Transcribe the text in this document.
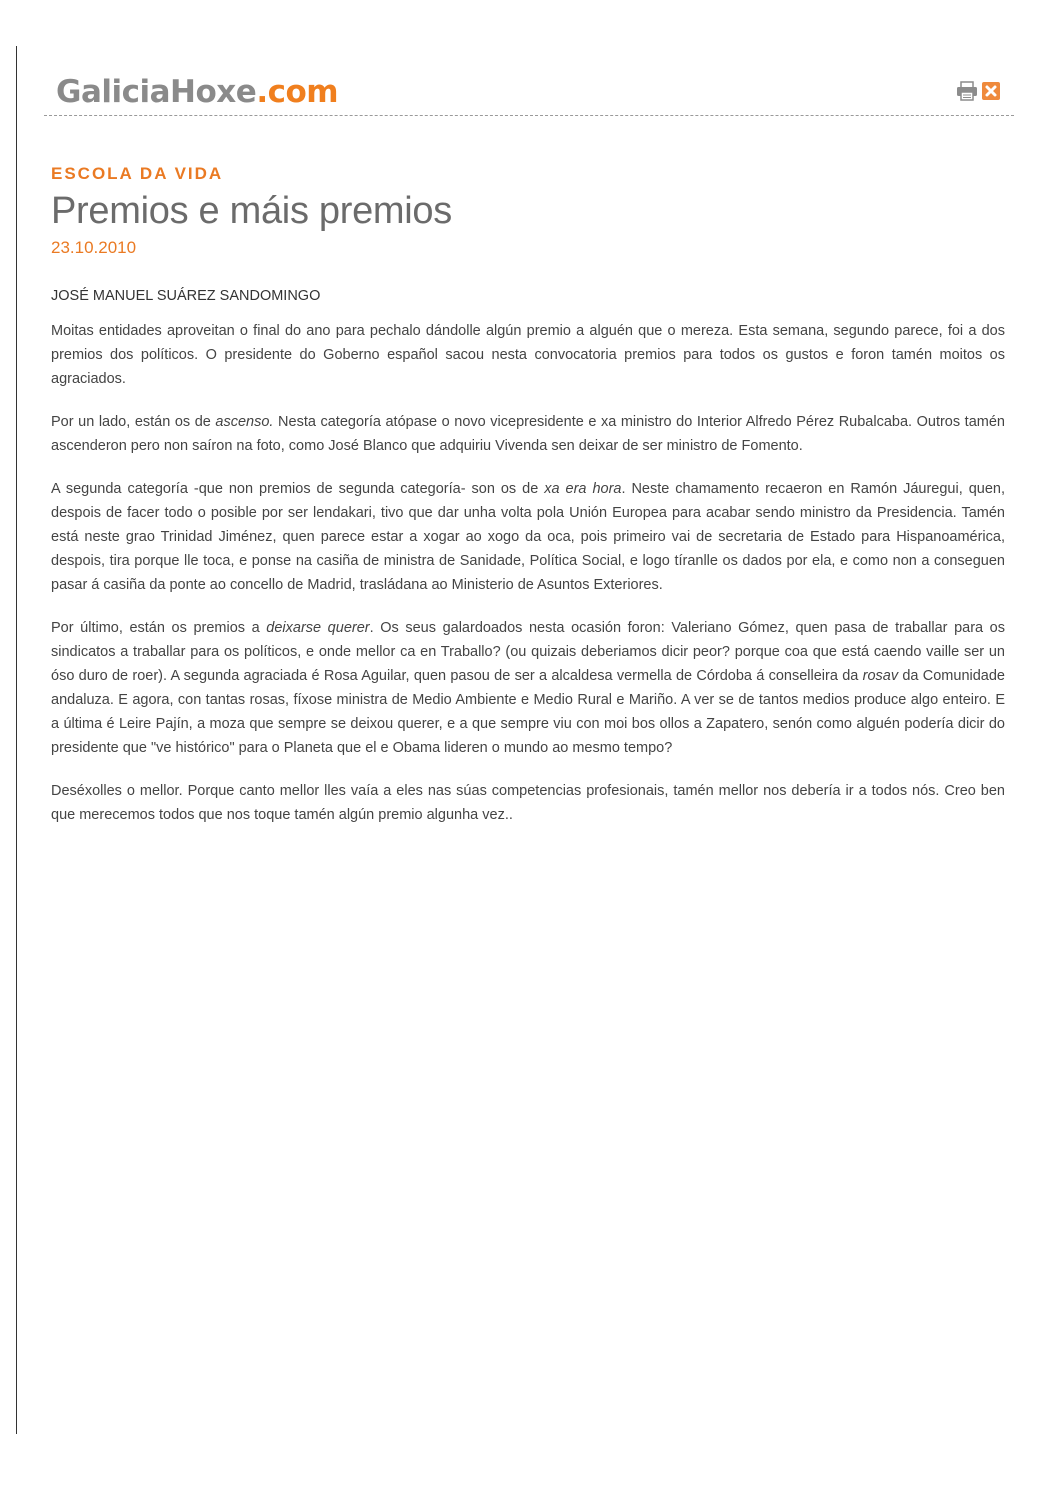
GaliciaHoxe.com
ESCOLA DA VIDA
Premios e máis premios
23.10.2010
JOSÉ MANUEL SUÁREZ SANDOMINGO

Moitas entidades aproveitan o final do ano para pechalo dándolle algún premio a alguén que o mereza. Esta semana, segundo parece, foi a dos premios dos políticos. O presidente do Goberno español sacou nesta convocatoria premios para todos os gustos e foron tamén moitos os agraciados.

Por un lado, están os de ascenso. Nesta categoría atópase o novo vicepresidente e xa ministro do Interior Alfredo Pérez Rubalcaba. Outros tamén ascenderon pero non saíron na foto, como José Blanco que adquiriu Vivenda sen deixar de ser ministro de Fomento.

A segunda categoría -que non premios de segunda categoría- son os de xa era hora. Neste chamamento recaeron en Ramón Jáuregui, quen, despois de facer todo o posible por ser lendakari, tivo que dar unha volta pola Unión Europea para acabar sendo ministro da Presidencia. Tamén está neste grao Trinidad Jiménez, quen parece estar a xogar ao xogo da oca, pois primeiro vai de secretaria de Estado para Hispanoamérica, despois, tira porque lle toca, e ponse na casiña de ministra de Sanidade, Política Social, e logo tíranlle os dados por ela, e como non a conseguen pasar á casiña da ponte ao concello de Madrid, trasládana ao Ministerio de Asuntos Exteriores.

Por último, están os premios a deixarse querer. Os seus galardoados nesta ocasión foron: Valeriano Gómez, quen pasa de traballar para os sindicatos a traballar para os políticos, e onde mellor ca en Traballo? (ou quizais deberiamos dicir peor? porque coa que está caendo vaille ser un óso duro de roer). A segunda agraciada é Rosa Aguilar, quen pasou de ser a alcaldesa vermella de Córdoba á conselleira da rosav da Comunidade andaluza. E agora, con tantas rosas, fíxose ministra de Medio Ambiente e Medio Rural e Mariño. A ver se de tantos medios produce algo enteiro. E a última é Leire Pajín, a moza que sempre se deixou querer, e a que sempre viu con moi bos ollos a Zapatero, senón como alguén podería dicir do presidente que "ve histórico" para o Planeta que el e Obama lideren o mundo ao mesmo tempo?

Deséxolles o mellor. Porque canto mellor lles vaía a eles nas súas competencias profesionais, tamén mellor nos debería ir a todos nós. Creo ben que merecemos todos que nos toque tamén algún premio algunha vez..
